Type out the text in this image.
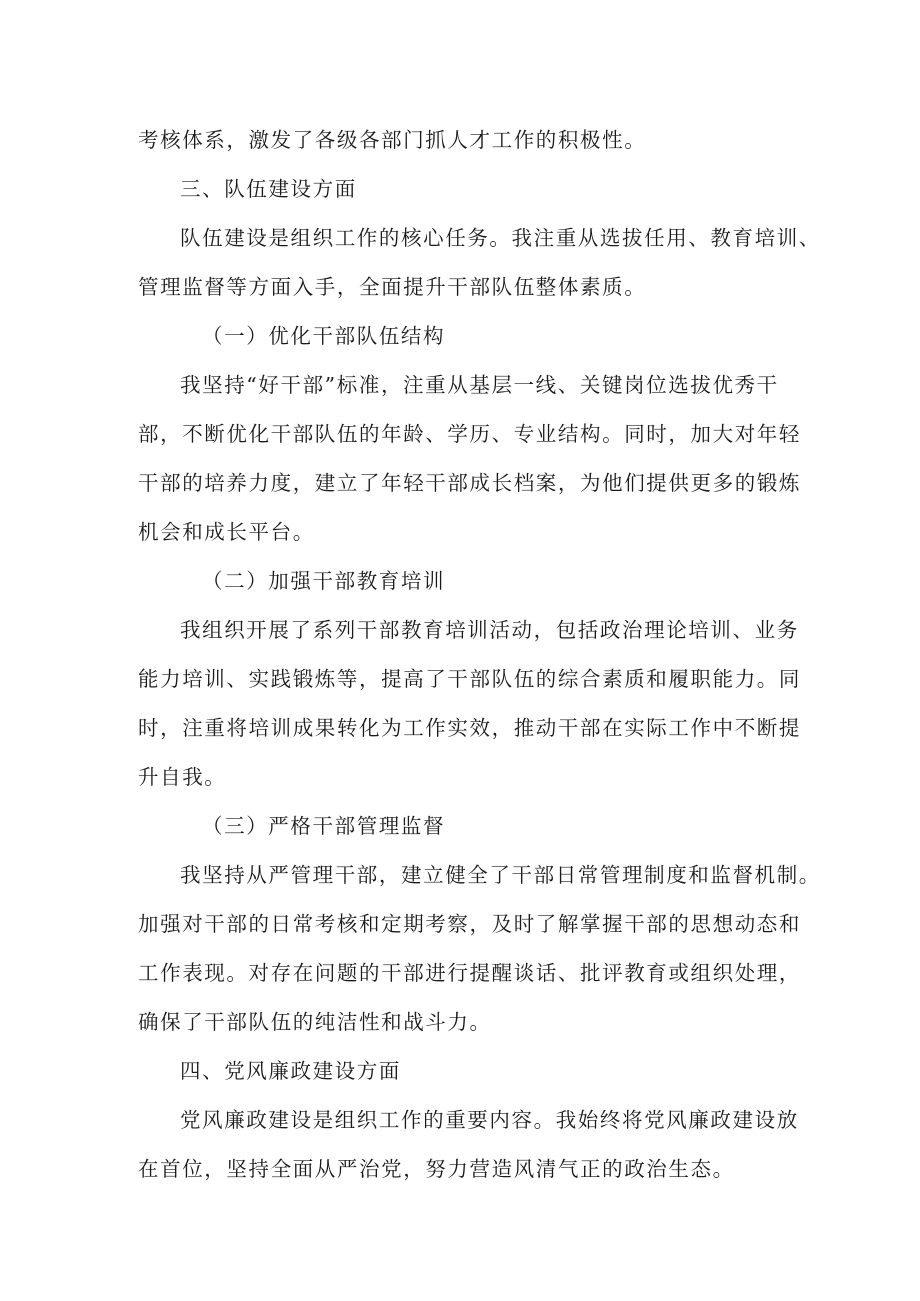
考核体系，激发了各级各部门抓人才工作的积极性。

三、队伍建设方面

队伍建设是组织工作的核心任务。我注重从选拔任用、教育培训、

管理监督等方面入手，全面提升干部队伍整体素质。

（一）优化干部队伍结构

我坚持“好干部”标准，注重从基层一线、关键岗位选拔优秀干

部，不断优化干部队伍的年龄、学历、专业结构。同时，加大对年轻

干部的培养力度，建立了年轻干部成长档案，为他们提供更多的锻炼

机会和成长平台。

（二）加强干部教育培训

我组织开展了系列干部教育培训活动，包括政治理论培训、业务

能力培训、实践锻炼等，提高了干部队伍的综合素质和履职能力。同

时，注重将培训成果转化为工作实效，推动干部在实际工作中不断提

升自我。

（三）严格干部管理监督

我坚持从严管理干部，建立健全了干部日常管理制度和监督机制。

加强对干部的日常考核和定期考察，及时了解掌握干部的思想动态和

工作表现。对存在问题的干部进行提醒谈话、批评教育或组织处理，

确保了干部队伍的纯洁性和战斗力。

四、党风廉政建设方面

党风廉政建设是组织工作的重要内容。我始终将党风廉政建设放

在首位，坚持全面从严治党，努力营造风清气正的政治生态。
